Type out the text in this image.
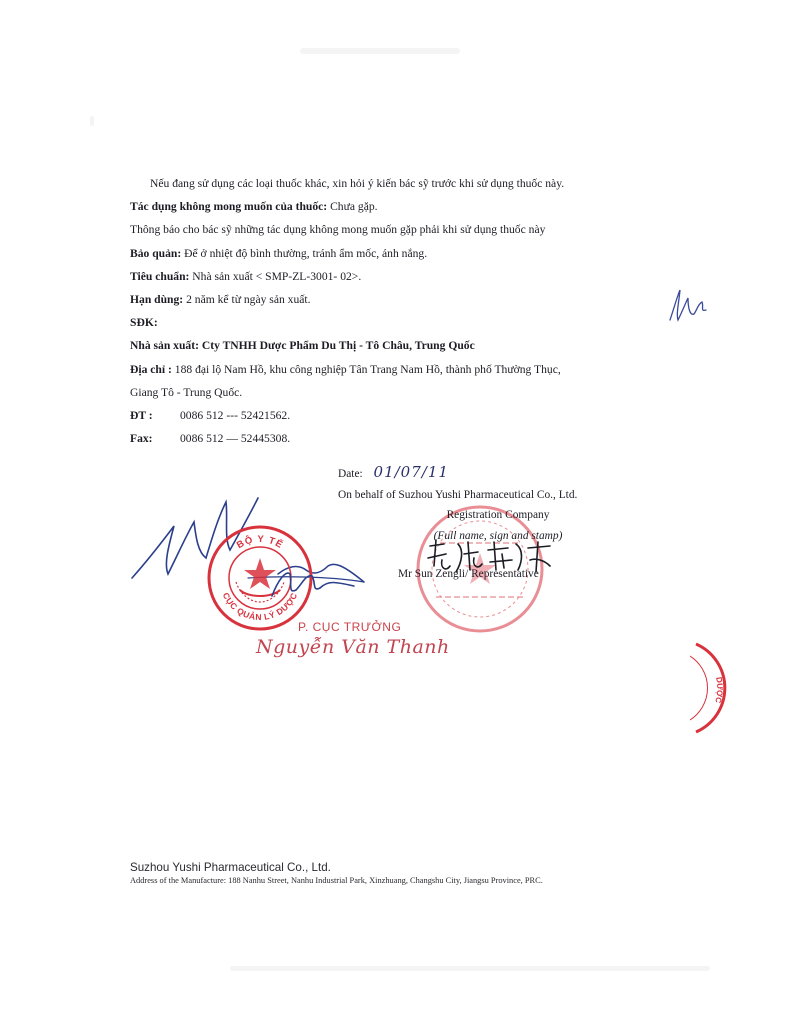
Nếu đang sử dụng các loại thuốc khác, xin hỏi ý kiến bác sỹ trước khi sử dụng thuốc này.
Tác dụng không mong muốn của thuốc: Chưa gặp.
Thông báo cho bác sỹ những tác dụng không mong muốn gặp phải khi sử dụng thuốc này
Bảo quản: Để ở nhiệt độ bình thường, tránh ẩm mốc, ánh nắng.
Tiêu chuẩn: Nhà sản xuất < SMP-ZL-3001- 02>.
Hạn dùng: 2 năm kể từ ngày sản xuất.
SĐK:
Nhà sản xuất: Cty TNHH Dược Phẩm Du Thị - Tô Châu, Trung Quốc
Địa chỉ : 188 đại lộ Nam Hồ, khu công nghiệp Tân Trang Nam Hồ, thành phố Thường Thục,
Giang Tô - Trung Quốc.
ĐT :	0086 512 --- 52421562.
Fax:	0086 512 — 52445308.
BỘ Y TẾ
CỤC QUẢN LÝ DƯỢC
P. CỤC TRƯỞNG
Nguyễn Văn Thanh
DƯỢC
Date: 01/07/11
On behalf of Suzhou Yushi Pharmaceutical Co., Ltd.
Registration Company
(Full name, sign and stamp)
Mr Sun Zengli/ Representative
Suzhou Yushi Pharmaceutical Co., Ltd.
Address of the Manufacture: 188 Nanhu Street, Nanhu Industrial Park, Xinzhuang, Changshu City, Jiangsu Province, PRC.
